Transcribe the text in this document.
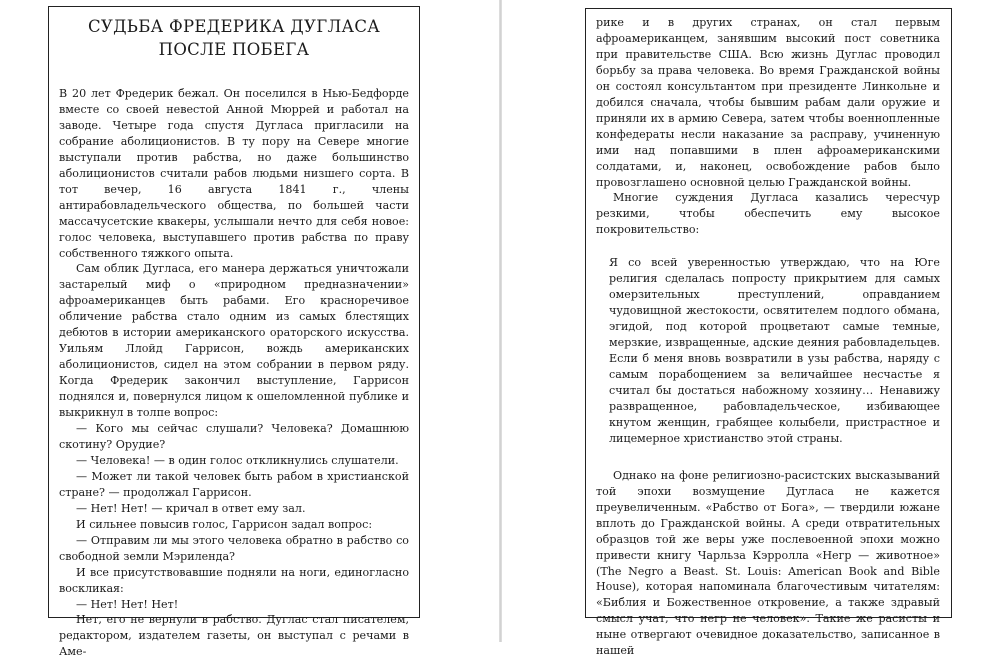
СУДЬБА ФРЕДЕРИКА ДУГЛАСА
ПОСЛЕ ПОБЕГА

В 20 лет Фредерик бежал. Он поселился в Нью-Бедфорде вместе со своей невестой Анной Мюррей и работал на заводе. Четыре года спустя Дугласа пригласили на собрание аболиционистов. В ту пору на Севере многие выступали против рабства, но даже большинство аболиционистов считали рабов людьми низшего сорта. В тот вечер, 16 августа 1841 г., члены антирабовладельческого общества, по большей части массачусетские квакеры, услышали нечто для себя новое: голос человека, выступавшего против рабства по праву собственного тяжкого опыта.

Сам облик Дугласа, его манера держаться уничтожали застарелый миф о «природном предназначении» афроамериканцев быть рабами. Его красноречивое обличение рабства стало одним из самых блестящих дебютов в истории американского ораторского искусства. Уильям Ллойд Гаррисон, вождь американских аболиционистов, сидел на этом собрании в первом ряду. Когда Фредерик закончил выступление, Гаррисон поднялся и, повернулся лицом к ошеломленной публике и выкрикнул в толпе вопрос:

— Кого мы сейчас слушали? Человека? Домашнюю скотину? Орудие?

— Человека! — в один голос откликнулись слушатели.

— Может ли такой человек быть рабом в христианской стране? — продолжал Гаррисон.

— Нет! Нет! — кричал в ответ ему зал.

И сильнее повысив голос, Гаррисон задал вопрос:

— Отправим ли мы этого человека обратно в рабство со свободной земли Мэриленда?

И все присутствовавшие подняли на ноги, единогласно воскликая:

— Нет! Нет! Нет!

Нет, его не вернули в рабство. Дуглас стал писателем, редактором, издателем газеты, он выступал с речами в Аме-

рике и в других странах, он стал первым афроамериканцем, занявшим высокий пост советника при правительстве США. Всю жизнь Дуглас проводил борьбу за права человека. Во время Гражданской войны он состоял консультантом при президенте Линкольне и добился сначала, чтобы бывшим рабам дали оружие и приняли их в армию Севера, затем чтобы военнопленные конфедераты несли наказание за расправу, учиненную ими над попавшими в плен афроамериканскими солдатами, и, наконец, освобождение рабов было провозглашено основной целью Гражданской войны.

Многие суждения Дугласа казались чересчур резкими, чтобы обеспечить ему высокое покровительство:

Я со всей уверенностью утверждаю, что на Юге религия сделалась попросту прикрытием для самых омерзительных преступлений, оправданием чудовищной жестокости, освятителем подлого обмана, эгидой, под которой процветают самые темные, мерзкие, извращенные, адские деяния рабовладельцев. Если б меня вновь возвратили в узы рабства, наряду с самым порабощением за величайшее несчастье я считал бы достаться набожному хозяину… Ненавижу развращенное, рабовладельческое, избивающее кнутом женщин, грабящее колыбели, пристрастное и лицемерное христианство этой страны.

Однако на фоне религиозно-расистских высказываний той эпохи возмущение Дугласа не кажется преувеличенным. «Рабство от Бога», — твердили южане вплоть до Гражданской войны. А среди отвратительных образцов той же веры уже послевоенной эпохи можно привести книгу Чарльза Кэрролла «Негр — животное» (The Negro a Beast. St. Louis: American Book and Bible House), которая напоминала благочестивым читателям: «Библия и Божественное откровение, а также здравый смысл учат, что негр не человек». Такие же расисты и ныне отвергают очевидное доказательство, записанное в нашей
